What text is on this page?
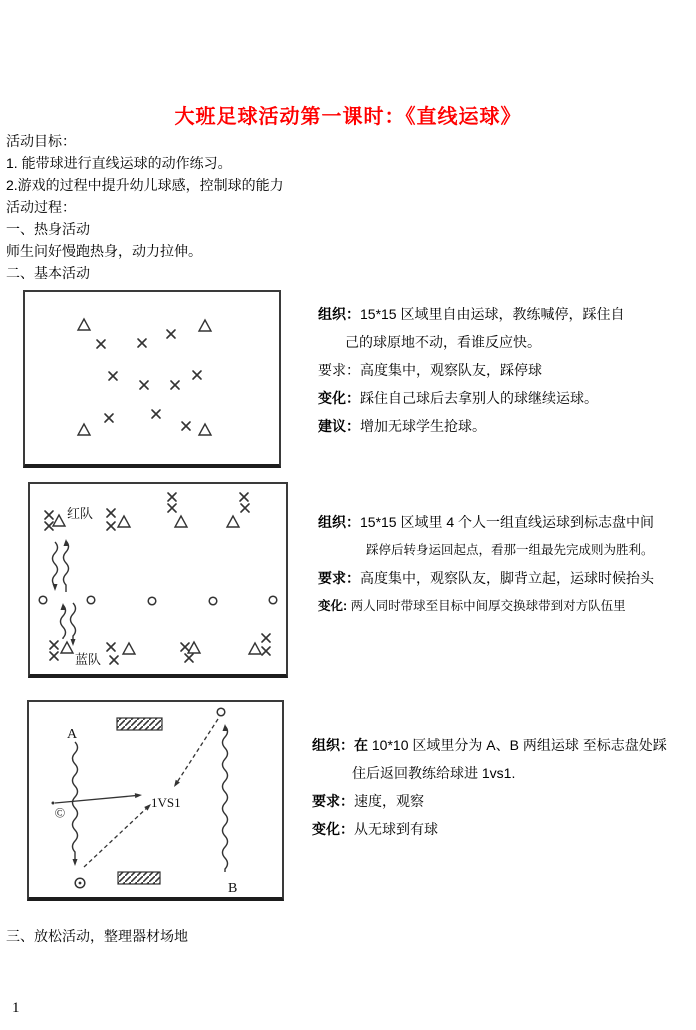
大班足球活动第一课时：《直线运球》
活动目标：
1. 能带球进行直线运球的动作练习。
2.游戏的过程中提升幼儿球感，控制球的能力
活动过程：
一、热身活动
师生问好慢跑热身，动力拉伸。
二、基本活动
组织：15*15 区域里自由运球，教练喊停，踩住自
己的球原地不动，看谁反应快。
要求：高度集中，观察队友，踩停球
变化：踩住自己球后去拿别人的球继续运球。
建议：增加无球学生抢球。
红队
蓝队
组织：15*15 区域里 4 个人一组直线运球到标志盘中间
踩停后转身运回起点，看那一组最先完成则为胜利。
要求：高度集中，观察队友，脚背立起，运球时候抬头
变化: 两人同时带球至目标中间厚交换球带到对方队伍里
©
A
B
1VS1
组织：在 10*10 区域里分为 A、B 两组运球 至标志盘处踩
住后返回教练给球进 1vs1.
要求：速度，观察
变化：从无球到有球
三、放松活动，整理器材场地
1
